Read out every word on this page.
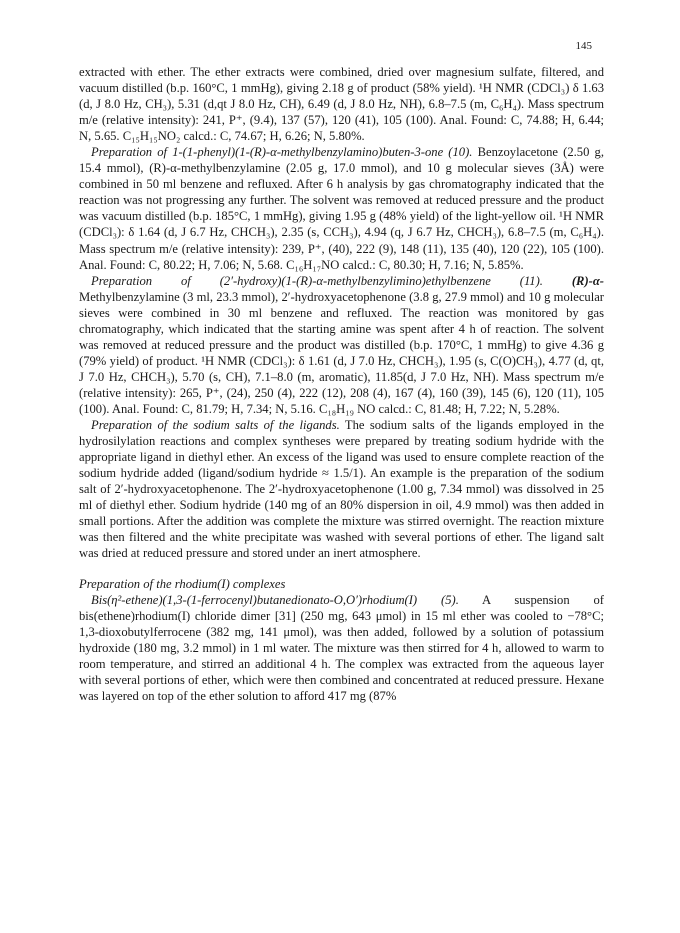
145

extracted with ether. The ether extracts were combined, dried over magnesium sulfate, filtered, and vacuum distilled (b.p. 160°C, 1 mmHg), giving 2.18 g of product (58% yield). ¹H NMR (CDCl₃) δ 1.63 (d, J 8.0 Hz, CH₃), 5.31 (d,qt J 8.0 Hz, CH), 6.49 (d, J 8.0 Hz, NH), 6.8–7.5 (m, C₆H₄). Mass spectrum m/e (relative intensity): 241, P⁺, (9.4), 137 (57), 120 (41), 105 (100). Anal. Found: C, 74.88; H, 6.44; N, 5.65. C₁₅H₁₅NO₂ calcd.: C, 74.67; H, 6.26; N, 5.80%.

Preparation of 1-(1-phenyl)(1-(R)-α-methylbenzylamino)buten-3-one (10). Benzoylacetone (2.50 g, 15.4 mmol), (R)-α-methylbenzylamine (2.05 g, 17.0 mmol), and 10 g molecular sieves (3Å) were combined in 50 ml benzene and refluxed. After 6 h analysis by gas chromatography indicated that the reaction was not progressing any further. The solvent was removed at reduced pressure and the product was vacuum distilled (b.p. 185°C, 1 mmHg), giving 1.95 g (48% yield) of the light-yellow oil. ¹H NMR (CDCl₃): δ 1.64 (d, J 6.7 Hz, CHCH₃), 2.35 (s, CCH₃), 4.94 (q, J 6.7 Hz, CHCH₃), 6.8–7.5 (m, C₆H₄). Mass spectrum m/e (relative intensity): 239, P⁺, (40), 222 (9), 148 (11), 135 (40), 120 (22), 105 (100). Anal. Found: C, 80.22; H, 7.06; N, 5.68. C₁₆H₁₇NO calcd.: C, 80.30; H, 7.16; N, 5.85%.

Preparation of (2′-hydroxy)(1-(R)-α-methylbenzylimino)ethylbenzene (11). (R)-α- Methylbenzylamine (3 ml, 23.3 mmol), 2′-hydroxyacetophenone (3.8 g, 27.9 mmol) and 10 g molecular sieves were combined in 30 ml benzene and refluxed. The reaction was monitored by gas chromatography, which indicated that the starting amine was spent after 4 h of reaction. The solvent was removed at reduced pressure and the product was distilled (b.p. 170°C, 1 mmHg) to give 4.36 g (79% yield) of product. ¹H NMR (CDCl₃): δ 1.61 (d, J 7.0 Hz, CHCH₃), 1.95 (s, C(O)CH₃), 4.77 (d, qt, J 7.0 Hz, CHCH₃), 5.70 (s, CH), 7.1–8.0 (m, aromatic), 11.85(d, J 7.0 Hz, NH). Mass spectrum m/e (relative intensity): 265, P⁺, (24), 250 (4), 222 (12), 208 (4), 167 (4), 160 (39), 145 (6), 120 (11), 105 (100). Anal. Found: C, 81.79; H, 7.34; N, 5.16. C₁₈H₁₉ NO calcd.: C, 81.48; H, 7.22; N, 5.28%.

Preparation of the sodium salts of the ligands. The sodium salts of the ligands employed in the hydrosilylation reactions and complex syntheses were prepared by treating sodium hydride with the appropriate ligand in diethyl ether. An excess of the ligand was used to ensure complete reaction of the sodium hydride added (ligand/sodium hydride ≈ 1.5/1). An example is the preparation of the sodium salt of 2′-hydroxyacetophenone. The 2′-hydroxyacetophenone (1.00 g, 7.34 mmol) was dissolved in 25 ml of diethyl ether. Sodium hydride (140 mg of an 80% dispersion in oil, 4.9 mmol) was then added in small portions. After the addition was complete the mixture was stirred overnight. The reaction mixture was then filtered and the white precipitate was washed with several portions of ether. The ligand salt was dried at reduced pressure and stored under an inert atmosphere.

Preparation of the rhodium(I) complexes

Bis(η²-ethene)(1,3-(1-ferrocenyl)butanedionato-O,O′)rhodium(I) (5). A suspension of bis(ethene)rhodium(I) chloride dimer [31] (250 mg, 643 μmol) in 15 ml ether was cooled to −78°C; 1,3-dioxobutylferrocene (382 mg, 141 μmol), was then added, followed by a solution of potassium hydroxide (180 mg, 3.2 mmol) in 1 ml water. The mixture was then stirred for 4 h, allowed to warm to room temperature, and stirred an additional 4 h. The complex was extracted from the aqueous layer with several portions of ether, which were then combined and concentrated at reduced pressure. Hexane was layered on top of the ether solution to afford 417 mg (87%
